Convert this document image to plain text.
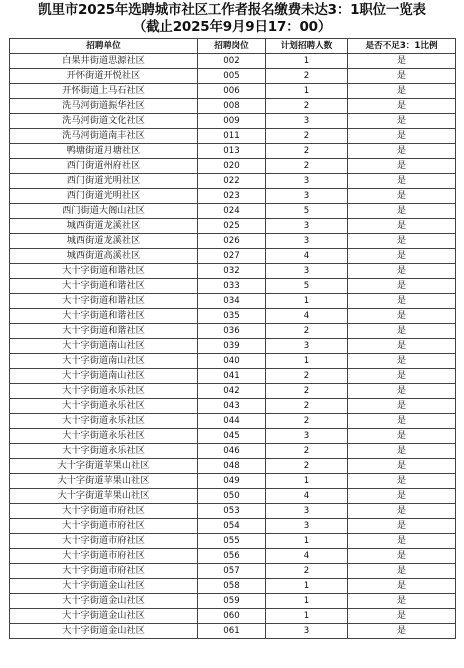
凯里市2025年选聘城市社区工作者报名缴费未达3：1职位一览表
（截止2025年9月9日17：00）
招聘单位	招聘岗位	计划招聘人数	是否不足3：1比例
白果井街道思源社区	002	1	是
开怀街道开悦社区	005	2	是
开怀街道上马石社区	006	1	是
洗马河街道振华社区	008	2	是
洗马河街道文化社区	009	3	是
洗马河街道南丰社区	011	2	是
鸭塘街道月塘社区	013	2	是
西门街道州府社区	020	2	是
西门街道光明社区	022	3	是
西门街道光明社区	023	3	是
西门街道大阁山社区	024	5	是
城西街道龙溪社区	025	3	是
城西街道龙溪社区	026	3	是
城西街道高溪社区	027	4	是
大十字街道和谐社区	032	3	是
大十字街道和谐社区	033	5	是
大十字街道和谐社区	034	1	是
大十字街道和谐社区	035	4	是
大十字街道和谐社区	036	2	是
大十字街道南山社区	039	3	是
大十字街道南山社区	040	1	是
大十字街道南山社区	041	2	是
大十字街道永乐社区	042	2	是
大十字街道永乐社区	043	2	是
大十字街道永乐社区	044	2	是
大十字街道永乐社区	045	3	是
大十字街道永乐社区	046	2	是
大十字街道苹果山社区	048	2	是
大十字街道苹果山社区	049	1	是
大十字街道苹果山社区	050	4	是
大十字街道市府社区	053	3	是
大十字街道市府社区	054	3	是
大十字街道市府社区	055	1	是
大十字街道市府社区	056	4	是
大十字街道市府社区	057	2	是
大十字街道金山社区	058	1	是
大十字街道金山社区	059	1	是
大十字街道金山社区	060	1	是
大十字街道金山社区	061	3	是
